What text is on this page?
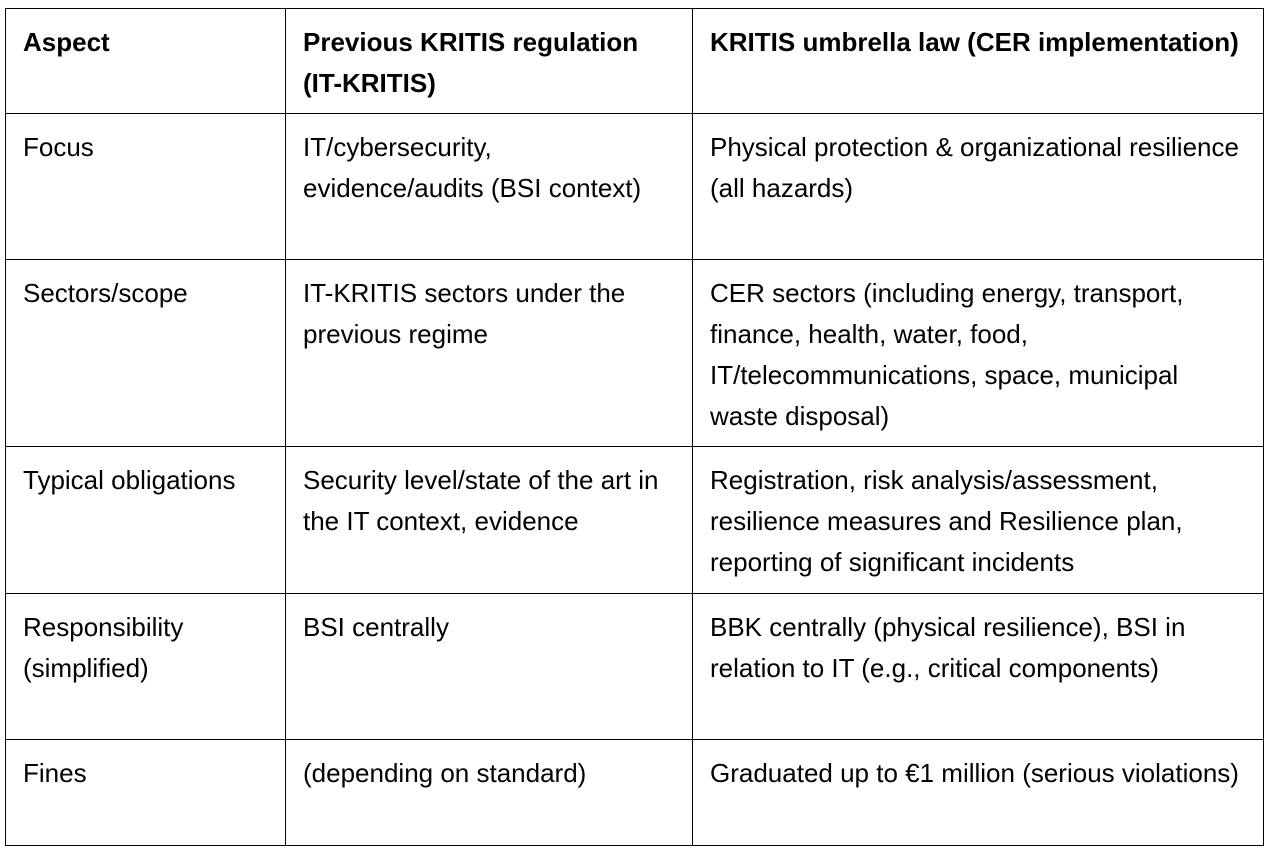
Aspect	Previous KRITIS regulation (IT-KRITIS)	KRITIS umbrella law (CER implementation)
Focus	IT/cybersecurity, evidence/audits (BSI context)	Physical protection & organizational resilience (all hazards)
Sectors/scope	IT-KRITIS sectors under the previous regime	CER sectors (including energy, transport, finance, health, water, food, IT/telecommunications, space, municipal waste disposal)
Typical obligations	Security level/state of the art in the IT context, evidence	Registration, risk analysis/assessment, resilience measures and Resilience plan, reporting of significant incidents
Responsibility (simplified)	BSI centrally	BBK centrally (physical resilience), BSI in relation to IT (e.g., critical components)
Fines	(depending on standard)	Graduated up to €1 million (serious violations)
